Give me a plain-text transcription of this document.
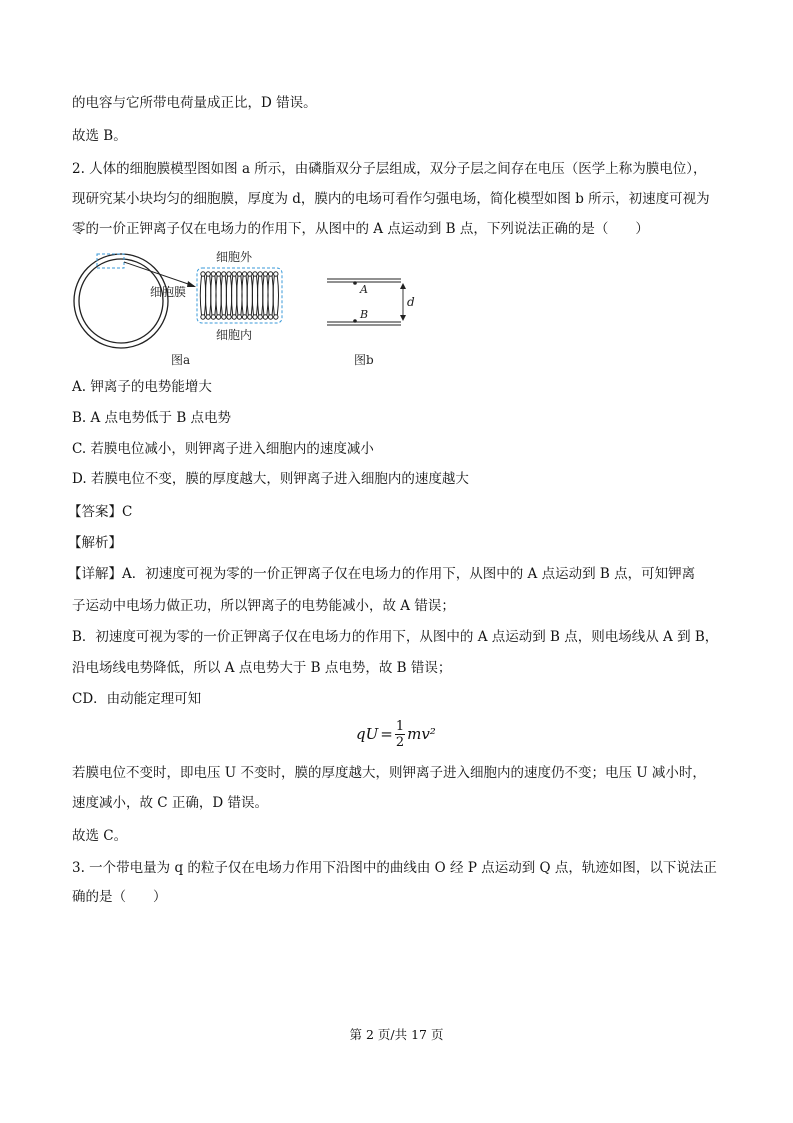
的电容与它所带电荷量成正比，D 错误。
故选 B。
2. 人体的细胞膜模型图如图 a 所示，由磷脂双分子层组成，双分子层之间存在电压（医学上称为膜电位），
现研究某小块均匀的细胞膜，厚度为 d，膜内的电场可看作匀强电场，简化模型如图 b 所示，初速度可视为
零的一价正钾离子仅在电场力的作用下，从图中的 A 点运动到 B 点，下列说法正确的是（　　）
细胞外
细胞膜
细胞内
图a
A
B
d
图b
A. 钾离子的电势能增大
B. A 点电势低于 B 点电势
C. 若膜电位减小，则钾离子进入细胞内的速度减小
D. 若膜电位不变，膜的厚度越大，则钾离子进入细胞内的速度越大
【答案】C
【解析】
【详解】A．初速度可视为零的一价正钾离子仅在电场力的作用下，从图中的 A 点运动到 B 点，可知钾离
子运动中电场力做正功，所以钾离子的电势能减小，故 A 错误；
B．初速度可视为零的一价正钾离子仅在电场力的作用下，从图中的 A 点运动到 B 点，则电场线从 A 到 B，
沿电场线电势降低，所以 A 点电势大于 B 点电势，故 B 错误；
CD．由动能定理可知
qU = $\frac{1}{2} mv^2$
若膜电位不变时，即电压 U 不变时，膜的厚度越大，则钾离子进入细胞内的速度仍不变；电压 U 减小时，
速度减小，故 C 正确，D 错误。
故选 C。
3. 一个带电量为 q 的粒子仅在电场力作用下沿图中的曲线由 O 经 P 点运动到 Q 点，轨迹如图，以下说法正
确的是（　　）
第 2 页/共 17 页
